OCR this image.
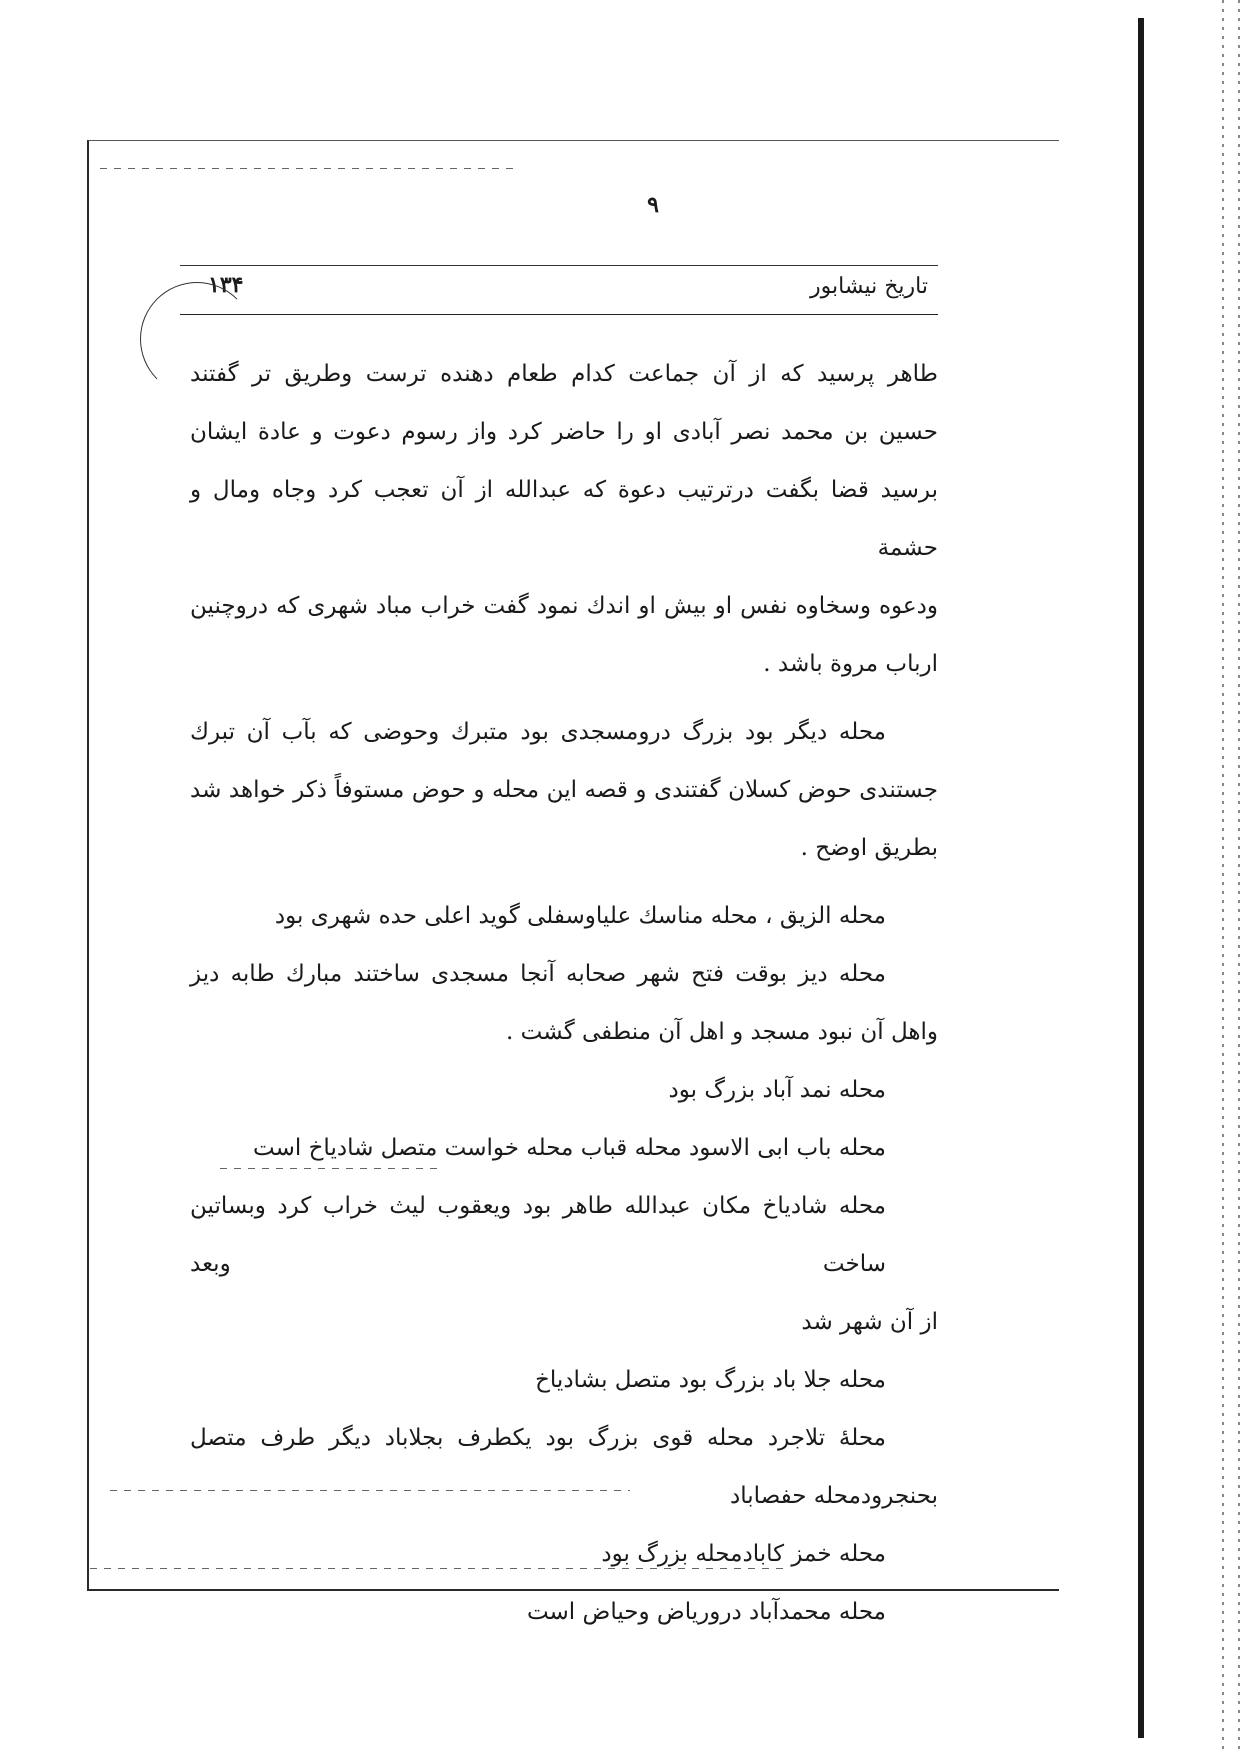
۹
تاریخ نیشابور
۱۳۴

طاهر پرسید که از آن جماعت کدام طعام دهنده ترست وطریق تر گفتند
حسین بن محمد نصر آبادی او را حاضر کرد واز رسوم دعوت و عادة ایشان
برسید قضا بگفت درترتیب دعوة که عبدالله از آن تعجب کرد وجاه ومال و حشمة
ودعوه وسخاوه نفس او بیش او اندك نمود گفت خراب مباد شهری که دروچنین
ارباب مروة باشد .

محله دیگر بود بزرگ درومسجدی بود متبرك وحوضی که بآب آن تبرك
جستندی حوض کسلان گفتندی و قصه این محله و حوض مستوفاً ذکر خواهد شد
بطریق اوضح .

محله الزیق ، محله مناسك علیاوسفلی گوید اعلی حده شهری بود

محله دیز بوقت فتح شهر صحابه آنجا مسجدی ساختند مبارك طابه دیز
واهل آن نبود مسجد و اهل آن منطفی گشت .

محله نمد آباد بزرگ بود

محله باب ابی الاسود محله قباب محله خواست متصل شادیاخ است

محله شادیاخ مکان عبدالله طاهر بود ویعقوب لیث خراب کرد وبساتین ساخت وبعد
از آن شهر شد

محله جلا باد بزرگ بود متصل بشادیاخ

محلهٔ تلاجرد محله قوی بزرگ بود یکطرف بجلاباد دیگر طرف متصل
بحنجرودمحله حفصاباد

محله خمز کابادمحله بزرگ بود

محله محمدآباد درورياض وحیاض است
